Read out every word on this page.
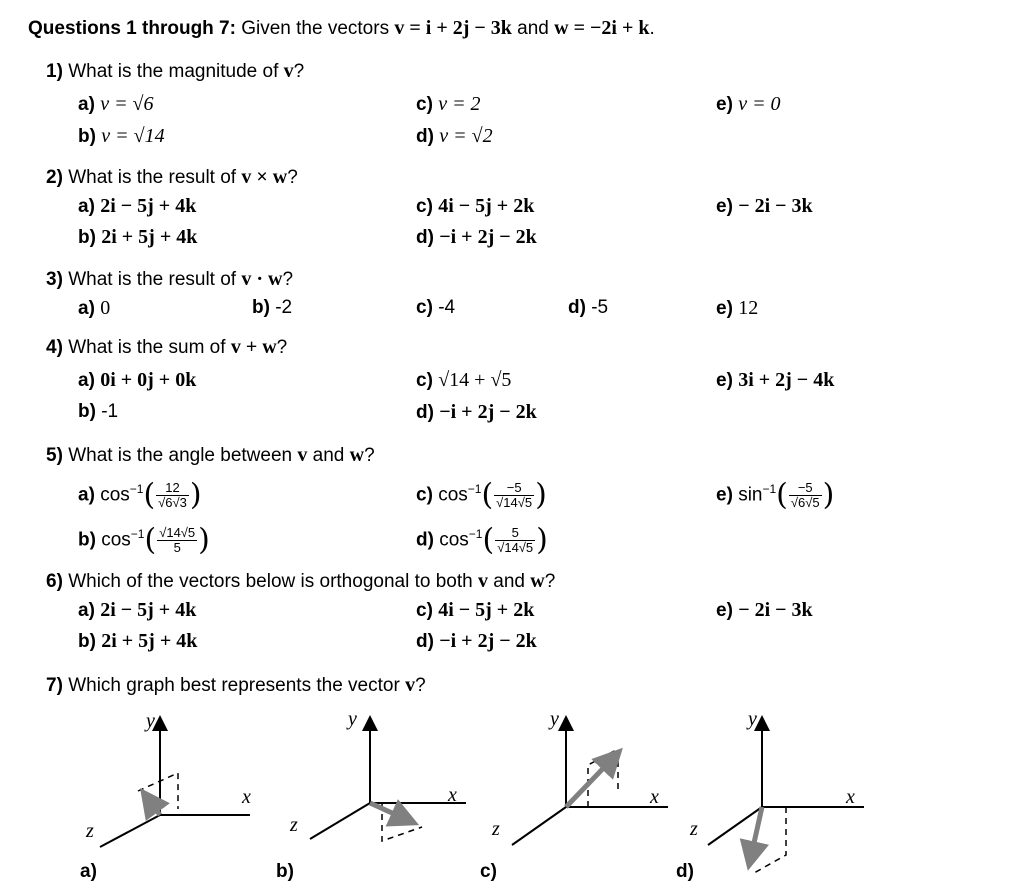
Questions 1 through 7: Given the vectors v = i + 2j − 3k and w = −2i + k.
1) What is the magnitude of v?
a) v = √6
b) v = √14
c) v = 2
d) v = √2
e) v = 0
2) What is the result of v × w?
a) 2i − 5j + 4k
b) 2i + 5j + 4k
c) 4i − 5j + 2k
d) −i + 2j − 2k
e) − 2i − 3k
3) What is the result of v · w?
a) 0	b) -2	c) -4	d) -5	e) 12
4) What is the sum of v + w?
a) 0i + 0j + 0k
b) -1
c) √14 + √5
d) −i + 2j − 2k
e) 3i + 2j − 4k
5) What is the angle between v and w?
a) $\cos^{-1}( \frac{12}{√6√3}$ )
b) $\cos^{-1}( \frac{√14√5}{5}$ )
c) $\cos^{-1}( \frac{-5}{√14√5}$ )
d) $\cos^{-1}( \frac{5}{√14√5}$ )
e) $\sin^{-1}( \frac{-5}{√6√5}$ )
6) Which of the vectors below is orthogonal to both v and w?
a) 2i − 5j + 4k
b) 2i + 5j + 4k
c) 4i − 5j + 2k
d) −i + 2j − 2k
e) − 2i − 3k
7) Which graph best represents the vector v?
y
x
z
a)
y
x
z
b)
y
x
z
c)
y
x
z
d)
